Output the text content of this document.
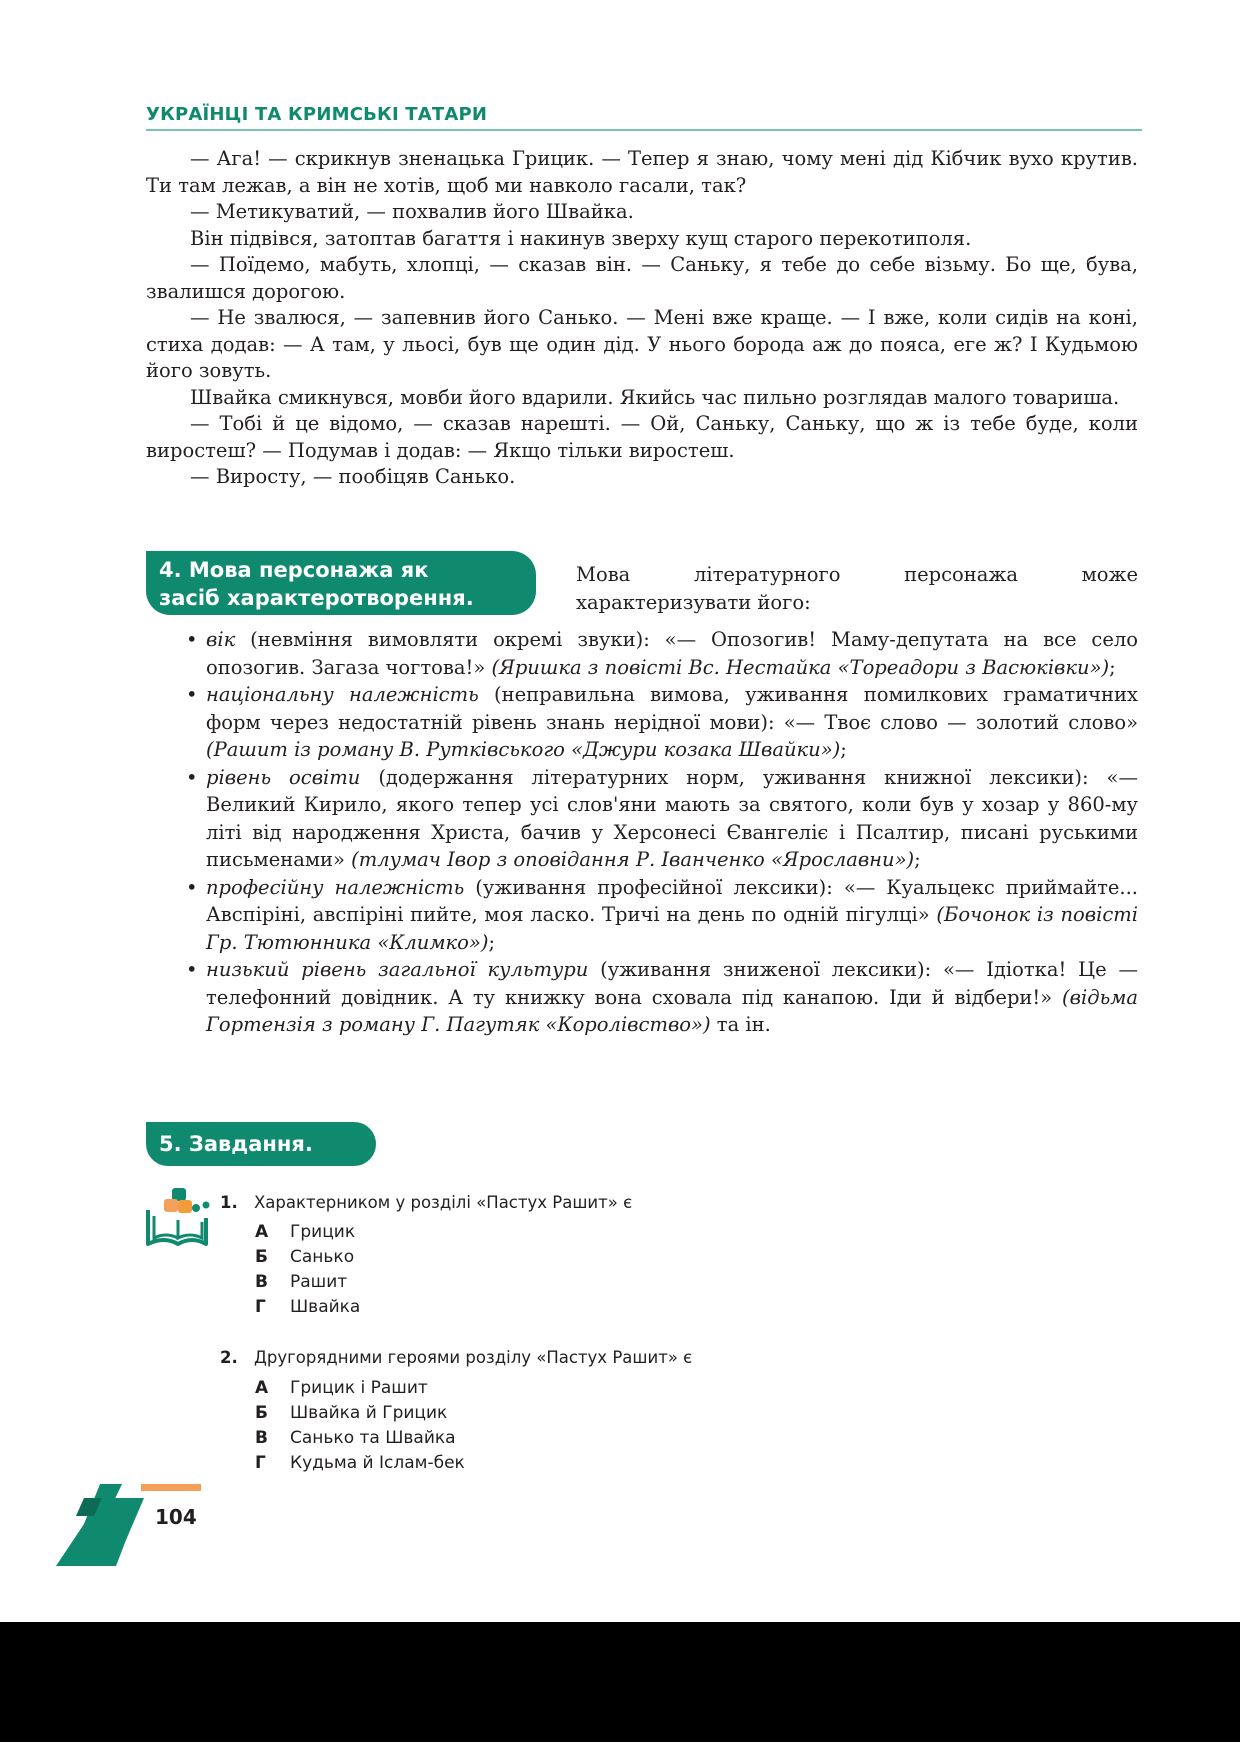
УКРАЇНЦІ ТА КРИМСЬКІ ТАТАРИ

— Ага! — скрикнув зненацька Грицик. — Тепер я знаю, чому мені дід Кібчик вухо крутив. Ти там лежав, а він не хотів, щоб ми навколо гасали, так?

— Метикуватий, — похвалив його Швайка.

Він підвівся, затоптав багаття і накинув зверху кущ старого перекотиполя.

— Поїдемо, мабуть, хлопці, — сказав він. — Саньку, я тебе до себе візьму. Бо ще, бува, звалишся дорогою.

— Не звалюся, — запевнив його Санько. — Мені вже краще. — І вже, коли сидів на коні, стиха додав: — А там, у льосі, був ще один дід. У нього борода аж до пояса, еге ж? І Кудьмою його зовуть.

Швайка смикнувся, мовби його вдарили. Якийсь час пильно розглядав малого товариша.

— Тобі й це відомо, — сказав нарешті. — Ой, Саньку, Саньку, що ж із тебе буде, коли виростеш? — Подумав і додав: — Якщо тільки виростеш.

— Виросту, — пообіцяв Санько.

4. Мова персонажа як
засіб характеротворення.
Мова літературного персонажа може характеризувати його:
• вік (невміння вимовляти окремі звуки): «— Опозогив! Маму-депутата на все село опозогив. Загаза чогтова!» (Яришка з повісті Вс. Нестайка «Тореадори з Васюківки»);
• національну належність (неправильна вимова, уживання помилкових граматичних форм через недостатній рівень знань нерідної мови): «— Твоє слово — золотий слово» (Рашит із роману В. Рутківського «Джури козака Швайки»);
• рівень освіти (додержання літературних норм, уживання книжної лексики): «— Великий Кирило, якого тепер усі слов'яни мають за святого, коли був у хозар у 860-му літі від народження Христа, бачив у Херсонесі Євангеліє і Псалтир, писані руськими письменами» (тлумач Івор з оповідання Р. Іванченко «Ярославни»);
• професійну належність (уживання професійної лексики): «— Куальцекс приймайте... Авспіріні, авспіріні пийте, моя ласко. Тричі на день по одній пігулці» (Бочонок із повісті Гр. Тютюнника «Климко»);
• низький рівень загальної культури (уживання зниженої лексики): «— Ідіотка! Це — телефонний довідник. А ту книжку вона сховала під канапою. Іди й відбери!» (відьма Гортензія з роману Г. Пагутяк «Королівство») та ін.
5. Завдання.
1. Характерником у розділі «Пастух Рашит» є
А Грицик
Б Санько
В Рашит
Г Швайка
2. Другорядними героями розділу «Пастух Рашит» є
А Грицик і Рашит
Б Швайка й Грицик
В Санько та Швайка
Г Кудьма й Іслам-бек
104
